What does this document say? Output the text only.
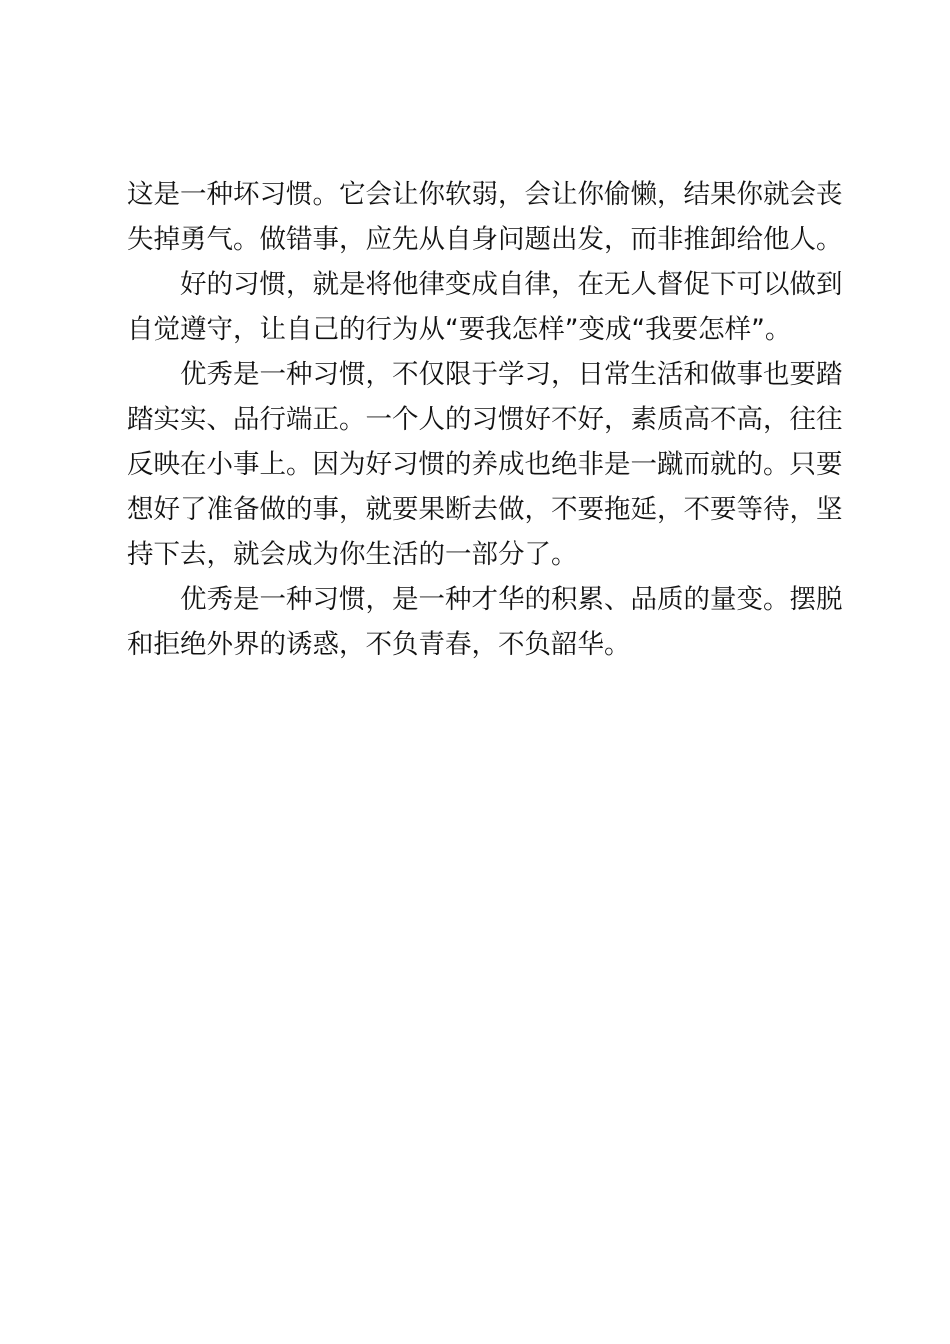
这是一种坏习惯。它会让你软弱，会让你偷懒，结果你就会丧
失掉勇气。做错事，应先从自身问题出发，而非推卸给他人。
好的习惯，就是将他律变成自律，在无人督促下可以做到
自觉遵守，让自己的行为从“要我怎样”变成“我要怎样”。
优秀是一种习惯，不仅限于学习，日常生活和做事也要踏
踏实实、品行端正。一个人的习惯好不好，素质高不高，往往
反映在小事上。因为好习惯的养成也绝非是一蹴而就的。只要
想好了准备做的事，就要果断去做，不要拖延，不要等待，坚
持下去，就会成为你生活的一部分了。
优秀是一种习惯，是一种才华的积累、品质的量变。摆脱
和拒绝外界的诱惑，不负青春，不负韶华。
